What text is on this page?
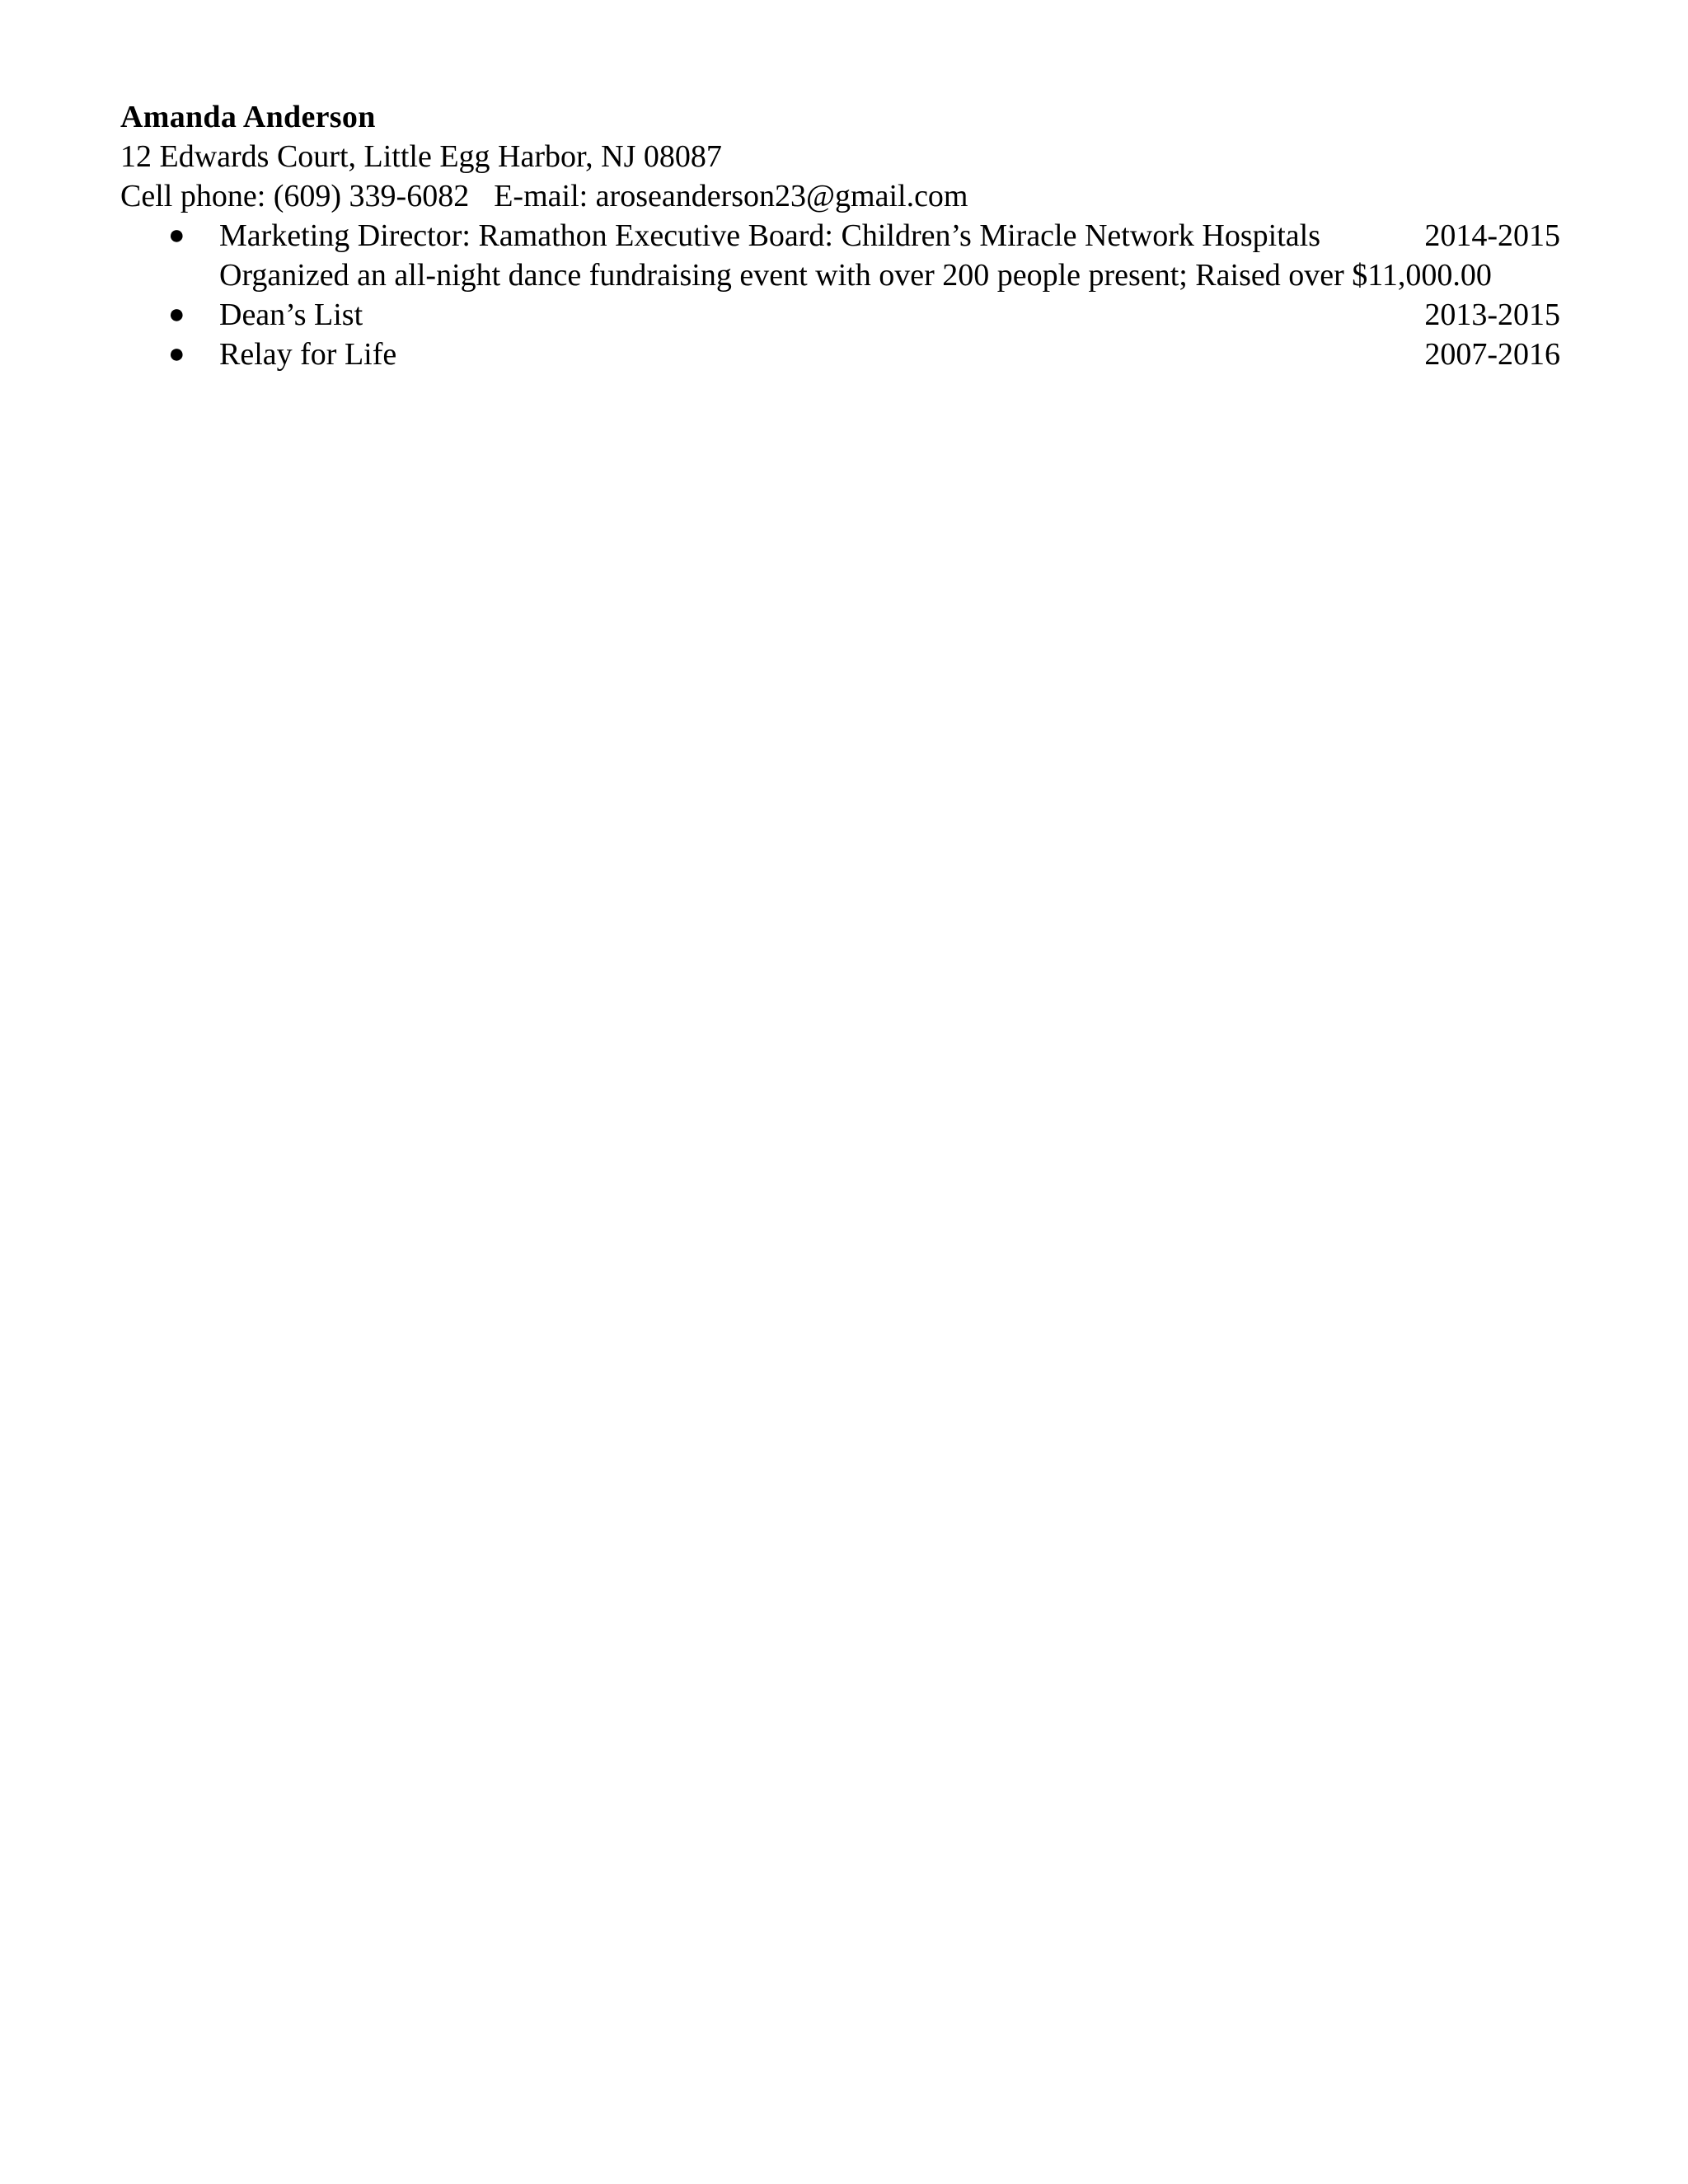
Amanda Anderson
12 Edwards Court, Little Egg Harbor, NJ 08087
Cell phone: (609) 339-6082 E-mail: aroseanderson23@gmail.com
● Marketing Director: Ramathon Executive Board: Children’s Miracle Network Hospitals	2014-2015
Organized an all-night dance fundraising event with over 200 people present; Raised over $11,000.00
● Dean’s List	2013-2015
● Relay for Life	2007-2016
